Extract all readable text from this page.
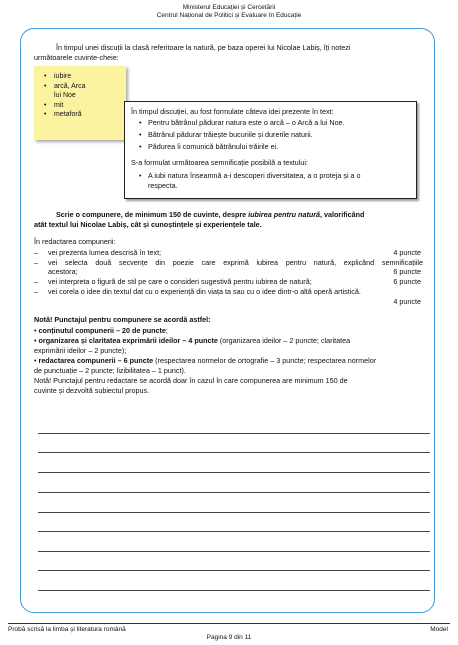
Ministerul Educației și Cercetării
Centrul Național de Politici și Evaluare în Educație
În timpul unei discuții la clasă referitoare la natură, pe baza operei lui Nicolae Labiș, îți notezi
următoarele cuvinte-cheie:
• iubire
• arcă, Arca
lui Noe
• mit
• metaforă	În timpul discuției, au fost formulate câteva idei prezente în text:
• Pentru bătrânul pădurar natura este o arcă – o Arcă a lui Noe.
• Bătrânul pădurar trăiește bucuriile și durerile naturii.
• Pădurea îi comunică bătrânului trăirile ei.
S-a formulat următoarea semnificație posibilă a textului:
• A iubi natura înseamnă a-i descoperi diversitatea, a o proteja și a o
respecta.
Scrie o compunere, de minimum 150 de cuvinte, despre iubirea pentru natură, valorificând
atât textul lui Nicolae Labiș, cât și cunoștințele și experiențele tale.
În redactarea compunerii:
– vei prezenta lumea descrisă în text;	4 puncte
– vei selecta două secvențe din poezie care exprimă iubirea pentru natură, explicând semnificațiile
acestora;	6 puncte
– vei interpreta o figură de stil pe care o consideri sugestivă pentru iubirea de natură;	6 puncte
– vei corela o idee din textul dat cu o experiență din viața ta sau cu o idee dintr-o altă operă artistică.
4 puncte
Notă! Punctajul pentru compunere se acordă astfel:
• conținutul compunerii – 20 de puncte;
• organizarea și claritatea exprimării ideilor – 4 puncte (organizarea ideilor – 2 puncte; claritatea
exprimării ideilor – 2 puncte);
• redactarea compunerii – 6 puncte (respectarea normelor de ortografie – 3 puncte; respectarea normelor
de punctuație – 2 puncte; lizibilitatea – 1 punct).
Notă! Punctajul pentru redactare se acordă doar în cazul în care compunerea are minimum 150 de
cuvinte și dezvoltă subiectul propus.
Probă scrisă la limba și literatura română	Model
Pagina 9 din 11
